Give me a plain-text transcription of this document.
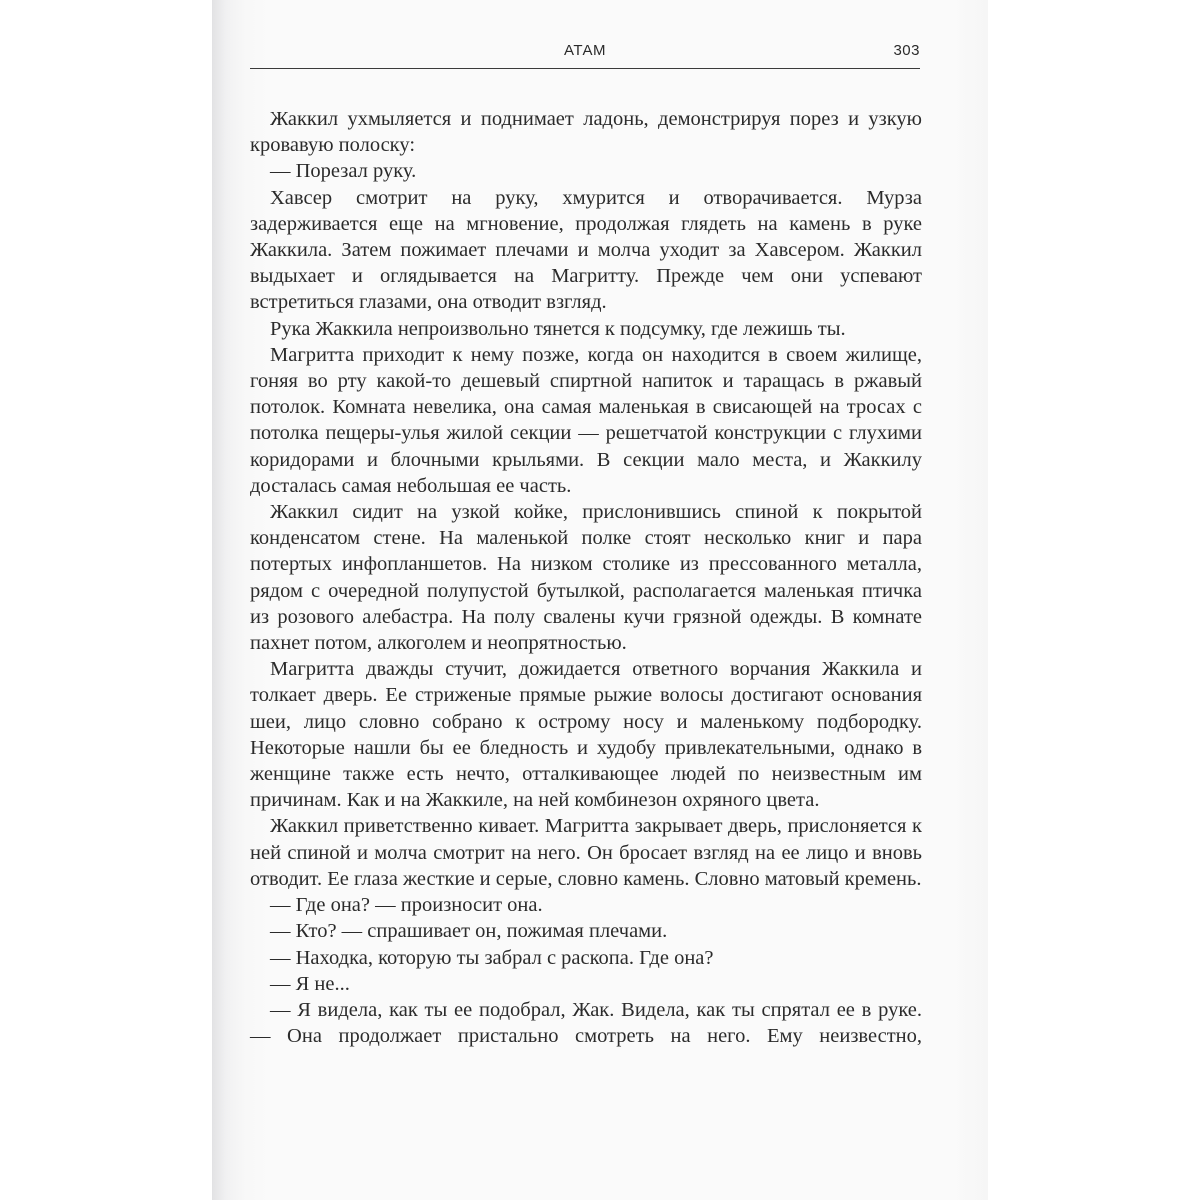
АТАМ	303

Жаккил ухмыляется и поднимает ладонь, демонстрируя порез и узкую кровавую полоску:

— Порезал руку.

Хавсер смотрит на руку, хмурится и отворачивается. Мурза задерживается еще на мгновение, продолжая глядеть на камень в руке Жаккила. Затем пожимает плечами и молча уходит за Хавсером. Жаккил выдыхает и оглядывается на Магритту. Прежде чем они успевают встретиться глазами, она отводит взгляд.

Рука Жаккила непроизвольно тянется к подсумку, где лежишь ты.

Магритта приходит к нему позже, когда он находится в своем жилище, гоняя во рту какой-то дешевый спиртной напиток и таращась в ржавый потолок. Комната невелика, она самая маленькая в свисающей на тросах с потолка пещеры-улья жилой секции — решетчатой конструкции с глухими коридорами и блочными крыльями. В секции мало места, и Жаккилу досталась самая небольшая ее часть.

Жаккил сидит на узкой койке, прислонившись спиной к покрытой конденсатом стене. На маленькой полке стоят несколько книг и пара потертых инфопланшетов. На низком столике из прессованного металла, рядом с очередной полупустой бутылкой, располагается маленькая птичка из розового алебастра. На полу свалены кучи грязной одежды. В комнате пахнет потом, алкоголем и неопрятностью.

Магритта дважды стучит, дожидается ответного ворчания Жаккила и толкает дверь. Ее стриженые прямые рыжие волосы достигают основания шеи, лицо словно собрано к острому носу и маленькому подбородку. Некоторые нашли бы ее бледность и худобу привлекательными, однако в женщине также есть нечто, отталкивающее людей по неизвестным им причинам. Как и на Жаккиле, на ней комбинезон охряного цвета.

Жаккил приветственно кивает. Магритта закрывает дверь, прислоняется к ней спиной и молча смотрит на него. Он бросает взгляд на ее лицо и вновь отводит. Ее глаза жесткие и серые, словно камень. Словно матовый кремень.

— Где она? — произносит она.

— Кто? — спрашивает он, пожимая плечами.

— Находка, которую ты забрал с раскопа. Где она?

— Я не...

— Я видела, как ты ее подобрал, Жак. Видела, как ты спрятал ее в руке. — Она продолжает пристально смотреть на него. Ему неизвестно,
